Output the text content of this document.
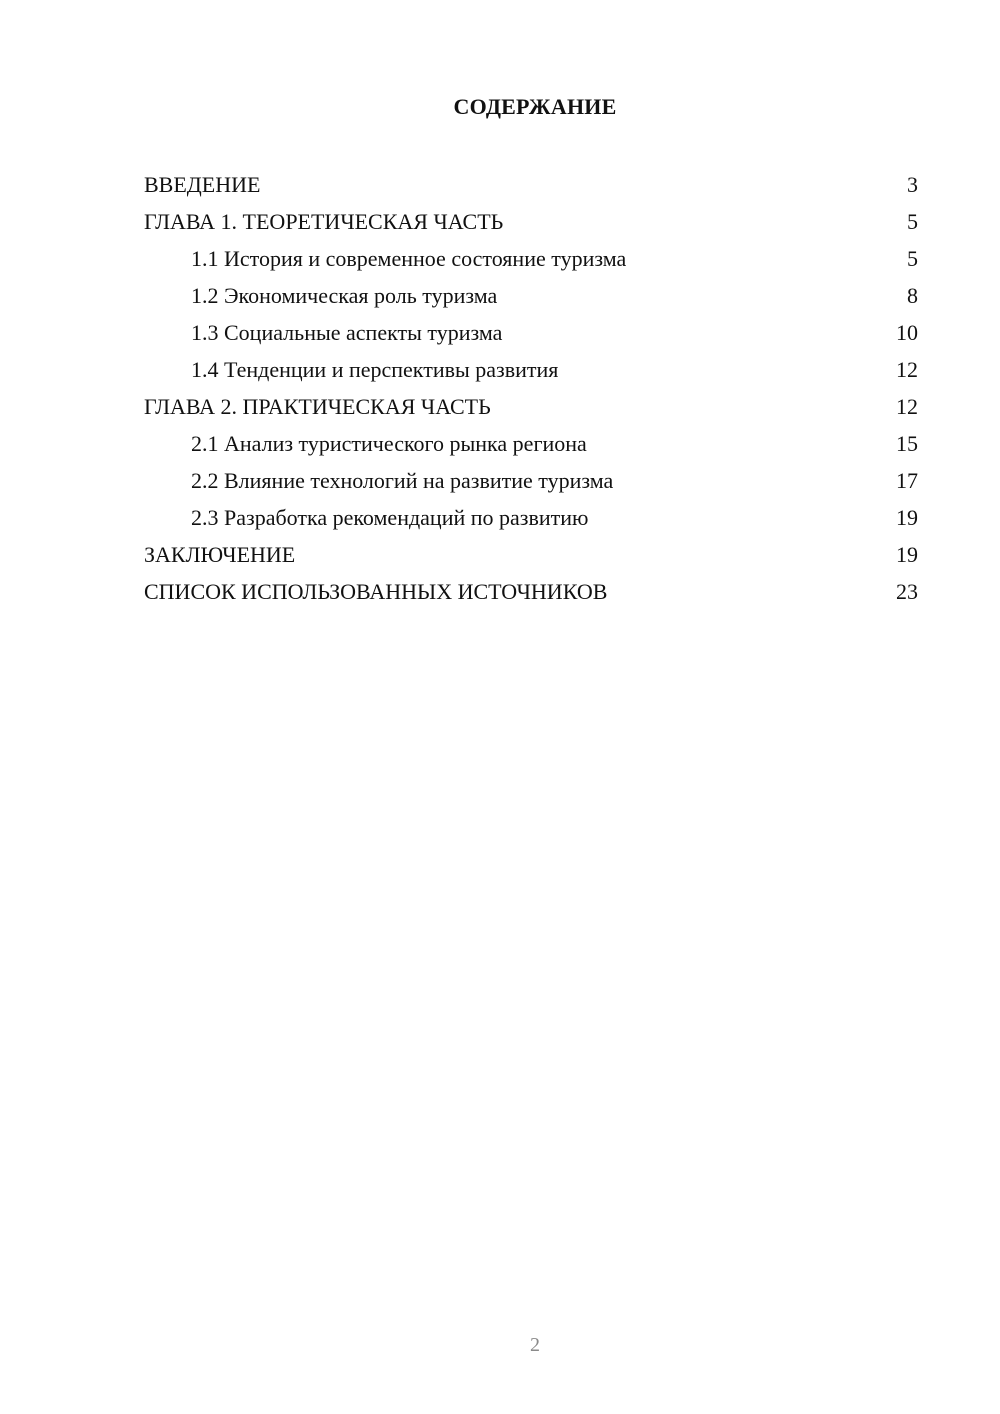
СОДЕРЖАНИЕ
ВВЕДЕНИЕ	3
ГЛАВА 1. ТЕОРЕТИЧЕСКАЯ ЧАСТЬ	5
1.1 История и современное состояние туризма	5
1.2 Экономическая роль туризма	8
1.3 Социальные аспекты туризма	10
1.4 Тенденции и перспективы развития	12
ГЛАВА 2. ПРАКТИЧЕСКАЯ ЧАСТЬ	12
2.1 Анализ туристического рынка региона	15
2.2 Влияние технологий на развитие туризма	17
2.3 Разработка рекомендаций по развитию	19
ЗАКЛЮЧЕНИЕ	19
СПИСОК ИСПОЛЬЗОВАННЫХ ИСТОЧНИКОВ	23
2
